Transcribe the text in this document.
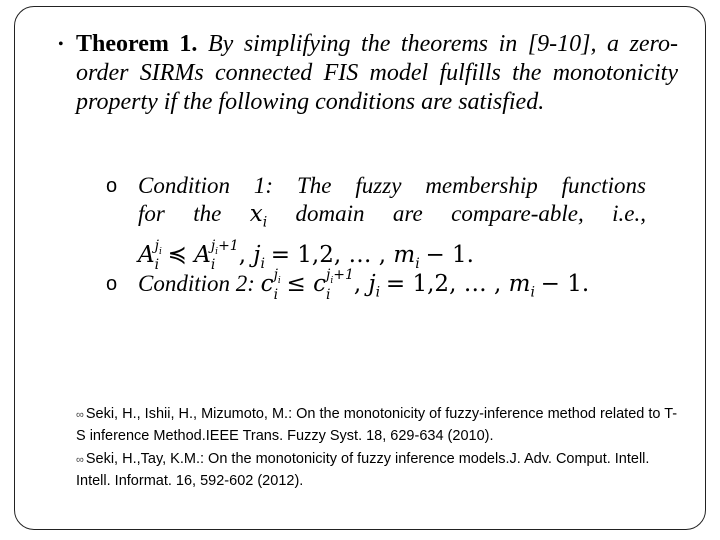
• Theorem 1. By simplifying the theorems in [9-10], a zero-order SIRMs connected FIS model fulfills the monotonicity property if the following conditions are satisfied.
o Condition 1: The fuzzy membership functions
for the $x_i$ domain are compare-able, i.e.,
A $j_i$
i ≼ A $j_i+1$
i	, $j_i = 1,2$, … , $m_i - 1$.
o Condition 2: c $j_i$
i ≤ c $j_i+1$
i	, $j_i = 1,2$, … , $m_i - 1$.
∞ Seki, H., Ishii, H., Mizumoto, M.: On the monotonicity of fuzzy-inference method related to T-S inference Method.IEEE Trans. Fuzzy Syst. 18, 629-634 (2010).
∞ Seki, H.,Tay, K.M.: On the monotonicity of fuzzy inference models.J. Adv. Comput. Intell. Intell. Informat. 16, 592-602 (2012).
